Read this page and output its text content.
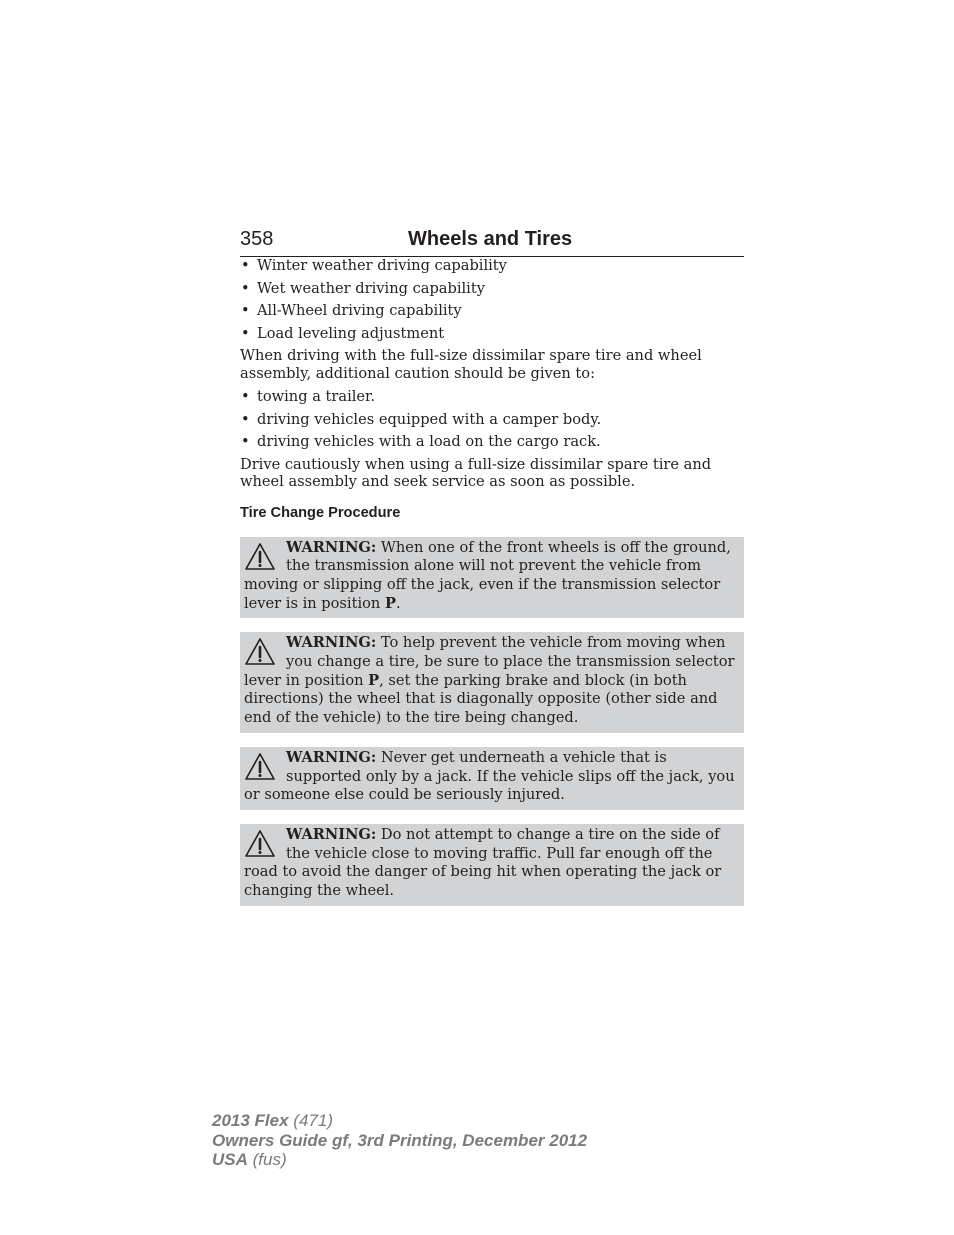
358	Wheels and Tires
• Winter weather driving capability
• Wet weather driving capability
• All-Wheel driving capability
• Load leveling adjustment

When driving with the full-size dissimilar spare tire and wheel assembly, additional caution should be given to:

• towing a trailer.
• driving vehicles equipped with a camper body.
• driving vehicles with a load on the cargo rack.

Drive cautiously when using a full-size dissimilar spare tire and wheel assembly and seek service as soon as possible.

Tire Change Procedure
WARNING: When one of the front wheels is off the ground, the transmission alone will not prevent the vehicle from moving or slipping off the jack, even if the transmission selector lever is in position P.
WARNING: To help prevent the vehicle from moving when you change a tire, be sure to place the transmission selector lever in position P, set the parking brake and block (in both directions) the wheel that is diagonally opposite (other side and end of the vehicle) to the tire being changed.
WARNING: Never get underneath a vehicle that is supported only by a jack. If the vehicle slips off the jack, you or someone else could be seriously injured.
WARNING: Do not attempt to change a tire on the side of the vehicle close to moving traffic. Pull far enough off the road to avoid the danger of being hit when operating the jack or changing the wheel.
2013 Flex (471)
Owners Guide gf, 3rd Printing, December 2012
USA (fus)
